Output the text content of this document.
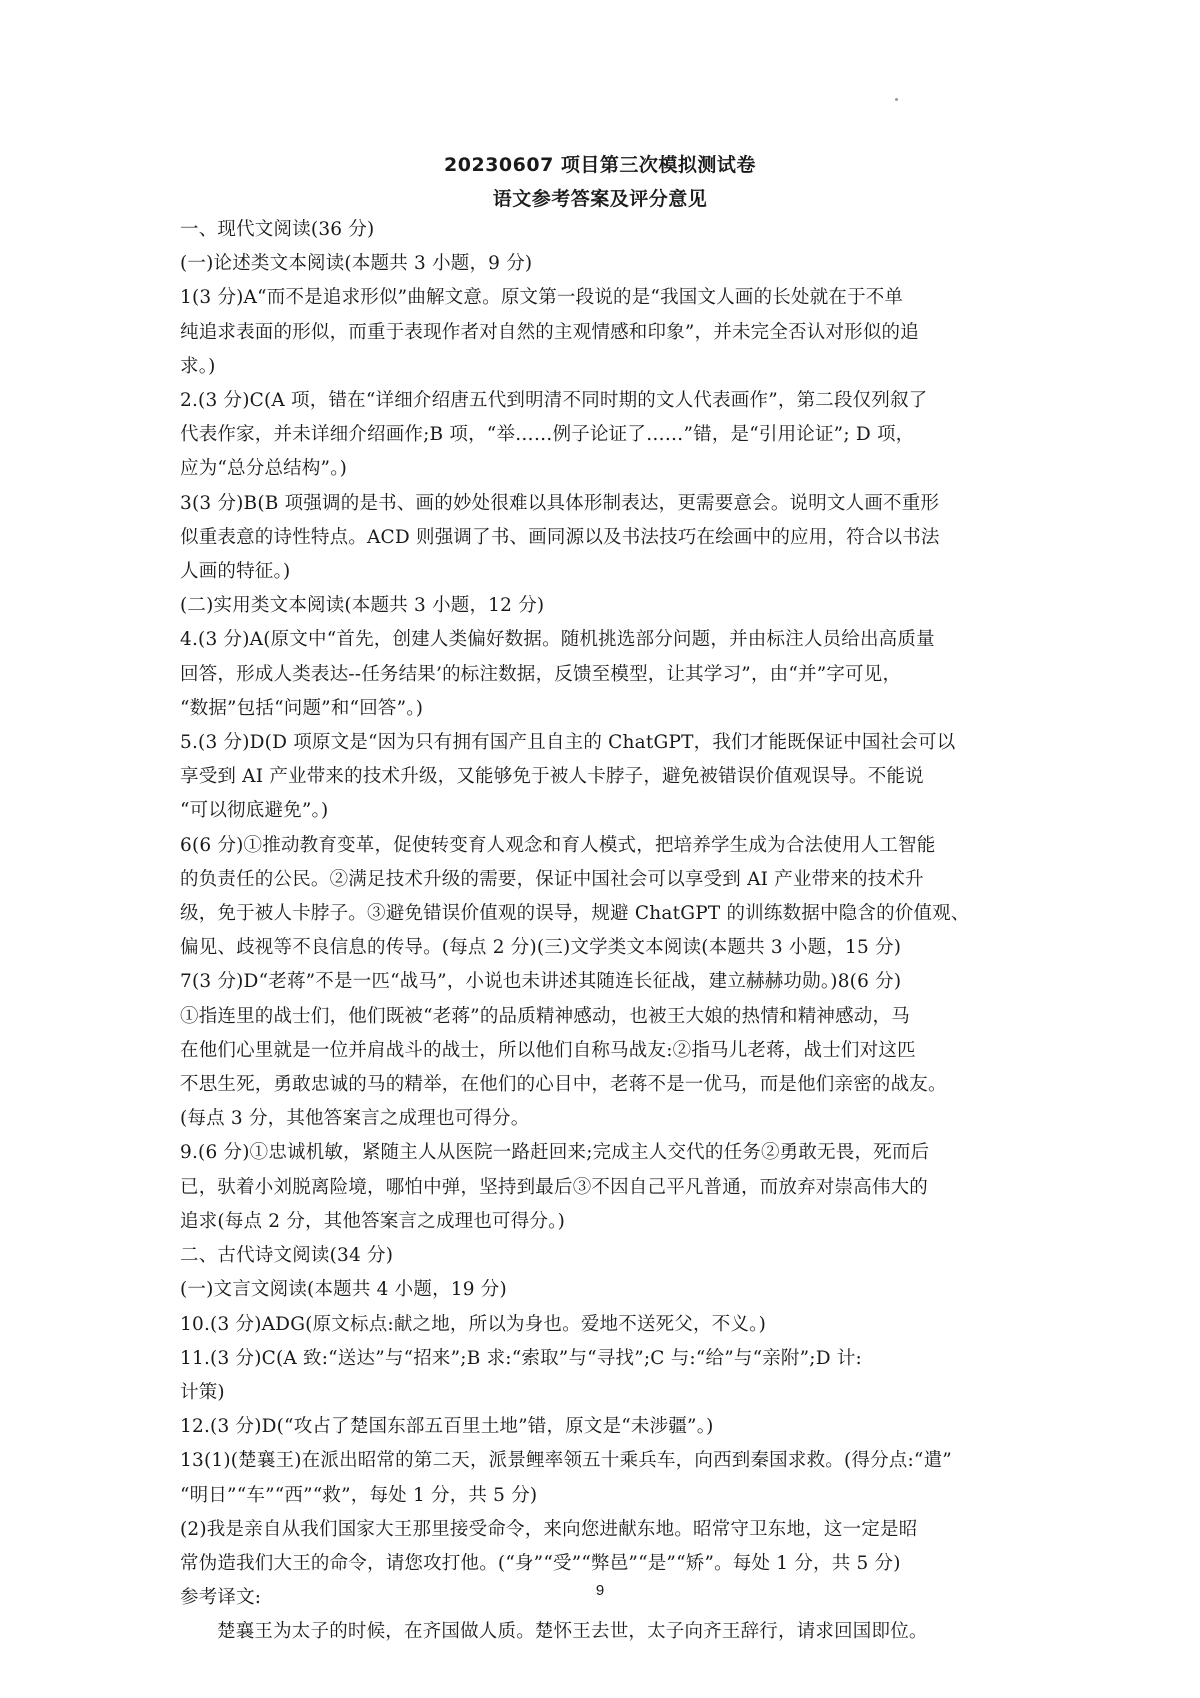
20230607 项目第三次模拟测试卷
语文参考答案及评分意见
一、现代文阅读(36 分)
(一)论述类文本阅读(本题共 3 小题，9 分)
1(3 分)A“而不是追求形似”曲解文意。原文第一段说的是“我国文人画的长处就在于不单
纯追求表面的形似，而重于表现作者对自然的主观情感和印象”，并未完全否认对形似的追
求。)
2.(3 分)C(A 项，错在“详细介绍唐五代到明清不同时期的文人代表画作”，第二段仅列叙了
代表作家，并未详细介绍画作;B 项，“举……例子论证了……”错，是“引用论证”; D 项，
应为“总分总结构”。)
3(3 分)B(B 项强调的是书、画的妙处很难以具体形制表达，更需要意会。说明文人画不重形
似重表意的诗性特点。ACD 则强调了书、画同源以及书法技巧在绘画中的应用，符合以书法
人画的特征。)
(二)实用类文本阅读(本题共 3 小题，12 分)
4.(3 分)A(原文中“首先，创建人类偏好数据。随机挑选部分问题，并由标注人员给出高质量
回答，形成人类表达--任务结果’的标注数据，反馈至模型，让其学习”，由“并”字可见，
“数据”包括“问题”和“回答”。)
5.(3 分)D(D 项原文是“因为只有拥有国产且自主的 ChatGPT，我们才能既保证中国社会可以
享受到 AI 产业带来的技术升级，又能够免于被人卡脖子，避免被错误价值观误导。不能说
“可以彻底避免”。)
6(6 分)①推动教育变革，促使转变育人观念和育人模式，把培养学生成为合法使用人工智能
的负责任的公民。②满足技术升级的需要，保证中国社会可以享受到 AI 产业带来的技术升
级，免于被人卡脖子。③避免错误价值观的误导，规避 ChatGPT 的训练数据中隐含的价值观、
偏见、歧视等不良信息的传导。(每点 2 分)(三)文学类文本阅读(本题共 3 小题，15 分)
7(3 分)D“老蒋”不是一匹“战马”，小说也未讲述其随连长征战，建立赫赫功勋。)8(6 分)
①指连里的战士们，他们既被“老蒋”的品质精神感动，也被王大娘的热情和精神感动，马
在他们心里就是一位并肩战斗的战士，所以他们自称马战友:②指马儿老蒋，战士们对这匹
不思生死，勇敢忠诚的马的精举，在他们的心目中，老蒋不是一优马，而是他们亲密的战友。
(每点 3 分，其他答案言之成理也可得分。
9.(6 分)①忠诚机敏，紧随主人从医院一路赶回来;完成主人交代的任务②勇敢无畏，死而后
已，驮着小刘脱离险境，哪怕中弹，坚持到最后③不因自己平凡普通，而放弃对崇高伟大的
追求(每点 2 分，其他答案言之成理也可得分。)
二、古代诗文阅读(34 分)
(一)文言文阅读(本题共 4 小题，19 分)
10.(3 分)ADG(原文标点:献之地，所以为身也。爱地不送死父，不义。)
11.(3 分)C(A 致:“送达”与“招来”;B 求:“索取”与“寻找”;C 与:“给”与“亲附”;D 计:
计策)
12.(3 分)D(“攻占了楚国东部五百里土地”错，原文是“未涉疆”。)
13(1)(楚襄王)在派出昭常的第二天，派景鲤率领五十乘兵车，向西到秦国求救。(得分点:“遣”
“明日”“车”“西”“救”，每处 1 分，共 5 分)
(2)我是亲自从我们国家大王那里接受命令，来向您进献东地。昭常守卫东地，这一定是昭
常伪造我们大王的命令，请您攻打他。(“身”“受”“弊邑”“是”“矫”。每处 1 分，共 5 分)
参考译文:
楚襄王为太子的时候，在齐国做人质。楚怀王去世，太子向齐王辞行，请求回国即位。
9
